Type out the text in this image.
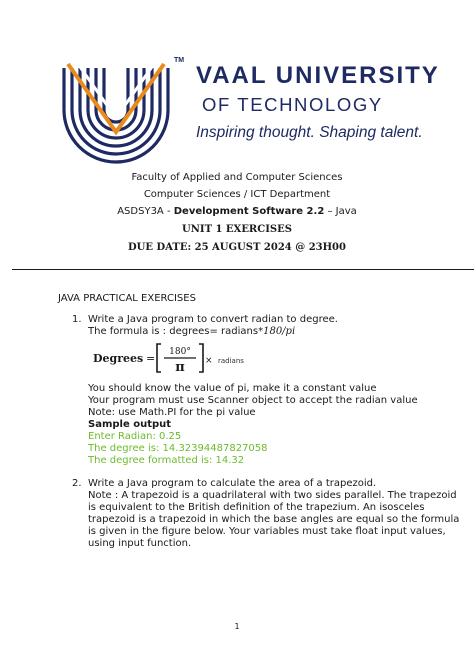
TM
VAAL UNIVERSITY
OF TECHNOLOGY
Inspiring thought. Shaping talent.
Faculty of Applied and Computer Sciences
Computer Sciences / ICT Department
ASDSY3A - Development Software 2.2 – Java
UNIT 1 EXERCISES
DUE DATE: 25 AUGUST 2024 @ 23H00
JAVA PRACTICAL EXERCISES
1. Write a Java program to convert radian to degree.
The formula is : degrees= radians*180/pi
Degrees = 180°
π × radians
You should know the value of pi, make it a constant value
Your program must use Scanner object to accept the radian value
Note: use Math.PI for the pi value
Sample output
Enter Radian: 0.25
The degree is: 14.32394487827058
The degree formatted is: 14.32
2. Write a Java program to calculate the area of a trapezoid.
Note : A trapezoid is a quadrilateral with two sides parallel. The trapezoid
is equivalent to the British definition of the trapezium. An isosceles
trapezoid is a trapezoid in which the base angles are equal so the formula
is given in the figure below. Your variables must take float input values,
using input function.
1
